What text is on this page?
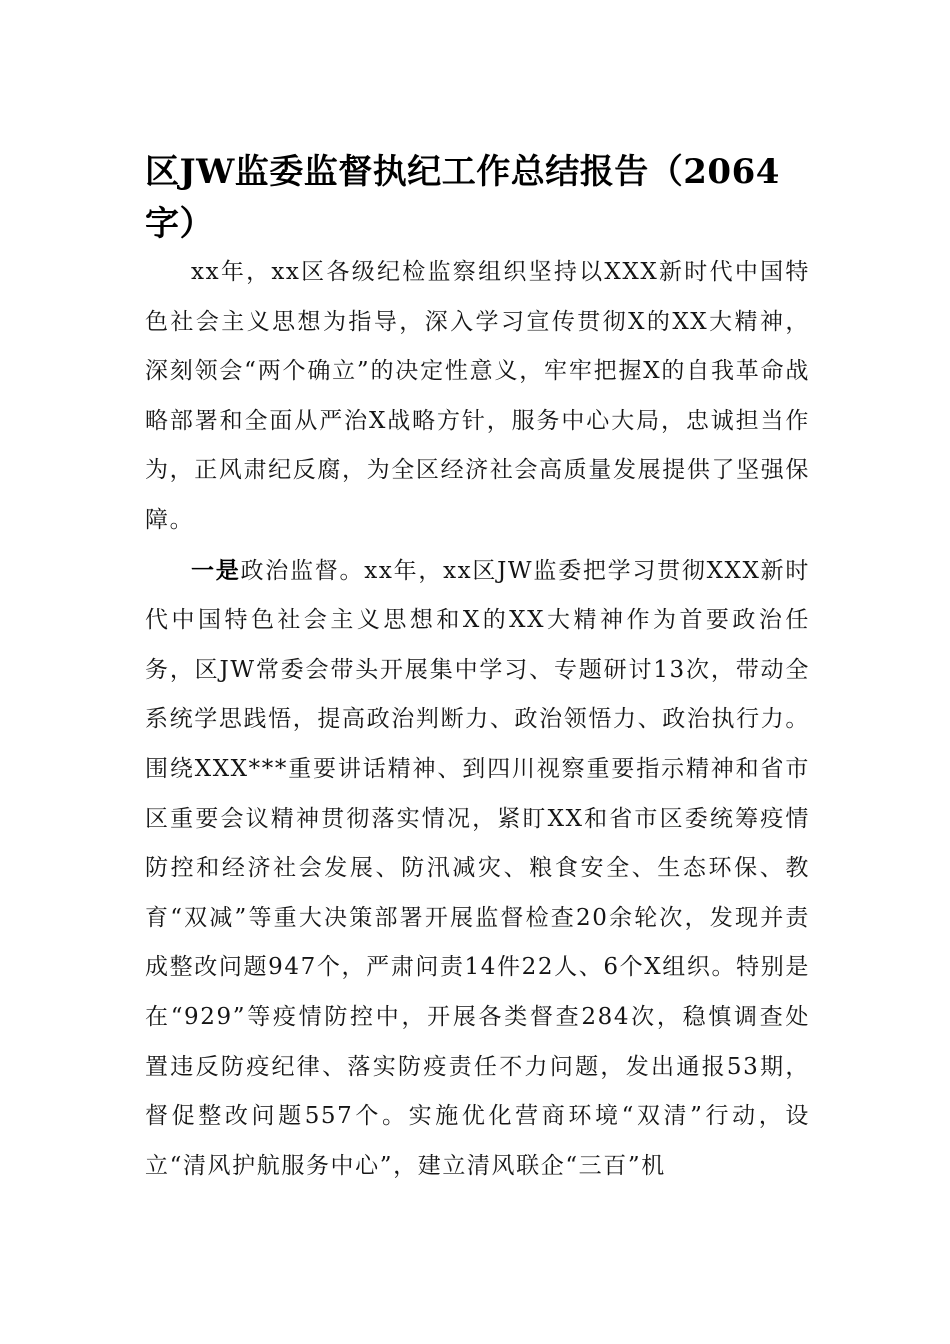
区JW监委监督执纪工作总结报告（2064字）

xx年，xx区各级纪检监察组织坚持以XXX新时代中国特色社会主义思想为指导，深入学习宣传贯彻X的XX大精神，深刻领会“两个确立”的决定性意义，牢牢把握X的自我革命战略部署和全面从严治X战略方针，服务中心大局，忠诚担当作为，正风肃纪反腐，为全区经济社会高质量发展提供了坚强保障。

一是政治监督。xx年，xx区JW监委把学习贯彻XXX新时代中国特色社会主义思想和X的XX大精神作为首要政治任务，区JW常委会带头开展集中学习、专题研讨13次，带动全系统学思践悟，提高政治判断力、政治领悟力、政治执行力。围绕XXX***重要讲话精神、到四川视察重要指示精神和省市区重要会议精神贯彻落实情况，紧盯XX和省市区委统筹疫情防控和经济社会发展、防汛减灾、粮食安全、生态环保、教育“双减”等重大决策部署开展监督检查20余轮次，发现并责成整改问题947个，严肃问责14件22人、6个X组织。特别是在“929”等疫情防控中，开展各类督查284次，稳慎调查处置违反防疫纪律、落实防疫责任不力问题，发出通报53期，督促整改问题557个。实施优化营商环境“双清”行动，设立“清风护航服务中心”，建立清风联企“三百”机
